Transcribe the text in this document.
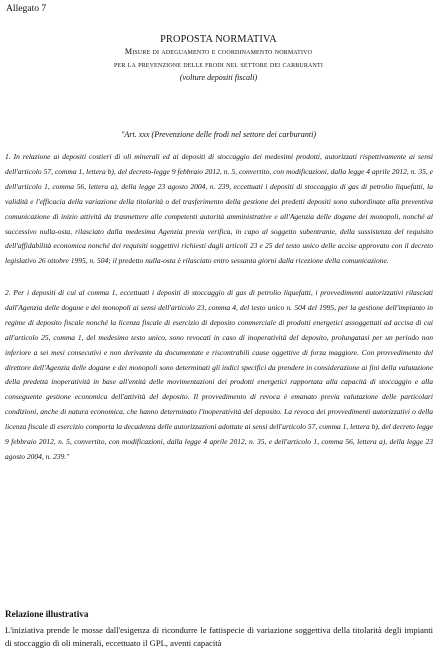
Allegato 7
PROPOSTA NORMATIVA
Misure di adeguamento e coordinamento normativo
per la prevenzione delle frodi nel settore dei carburanti
(volture depositi fiscali)
"Art. xxx (Prevenzione delle frodi nel settore dei carburanti)

1. In relazione ai depositi costieri di oli minerali ed ai depositi di stoccaggio dei medesimi prodotti, autorizzati rispettivamente ai sensi dell'articolo 57, comma 1, lettera b), del decreto-legge 9 febbraio 2012, n. 5, convertito, con modificazioni, dalla legge 4 aprile 2012, n. 35, e dell'articolo 1, comma 56, lettera a), della legge 23 agosto 2004, n. 239, eccettuati i depositi di stoccaggio di gas di petrolio liquefatti, la validità e l'efficacia della variazione della titolarità o del trasferimento della gestione dei predetti depositi sono subordinate alla preventiva comunicazione di inizio attività da trasmettere alle competenti autorità amministrative e all'Agenzia delle dogane dei monopoli, nonché al successivo nulla-osta, rilasciato dalla medesima Agenzia previa verifica, in capo al soggetto subentrante, della sussistenza del requisito dell'affidabilità economica nonché dei requisiti soggettivi richiesti dagli articoli 23 e 25 del testo unico delle accise approvato con il decreto legislativo 26 ottobre 1995, n. 504; il predetto nulla-osta è rilasciato entro sessanta giorni dalla ricezione della comunicazione.

2. Per i depositi di cui al comma 1, eccettuati i depositi di stoccaggio di gas di petrolio liquefatti, i provvedimenti autorizzativi rilasciati dall'Agenzia delle dogane e dei monopoli ai sensi dell'articolo 23, comma 4, del testo unico n. 504 del 1995, per la gestione dell'impianto in regime di deposito fiscale nonché la licenza fiscale di esercizio di deposito commerciale di prodotti energetici assoggettati ad accisa di cui all'articolo 25, comma 1, del medesimo testo unico, sono revocati in caso di inoperatività del deposito, prolungatasi per un periodo non inferiore a sei mesi consecutivi e non derivante da documentate e riscontrabili cause oggettive di forza maggiore. Con provvedimento del direttore dell'Agenzia delle dogane e dei monopoli sono determinati gli indici specifici da prendere in considerazione ai fini della valutazione della predetta inoperatività in base all'entità delle movimentazioni dei prodotti energetici rapportata alla capacità di stoccaggio e alla conseguente gestione economica dell'attività del deposito. Il provvedimento di revoca è emanato previa valutazione delle particolari condizioni, anche di natura economica, che hanno determinato l'inoperatività del deposito. La revoca dei provvedimenti autorizzativi o della licenza fiscale di esercizio comporta la decadenza delle autorizzazioni adottate ai sensi dell'articolo 57, comma 1, lettera b), del decreto legge 9 febbraio 2012, n. 5, convertito, con modificazioni, dalla legge 4 aprile 2012, n. 35, e dell'articolo 1, comma 56, lettera a), della legge 23 agosto 2004, n. 239."

Relazione illustrativa

L'iniziativa prende le mosse dall'esigenza di ricondurre le fattispecie di variazione soggettiva della titolarità degli impianti di stoccaggio di oli minerali, eccettuato il GPL, aventi capacità
